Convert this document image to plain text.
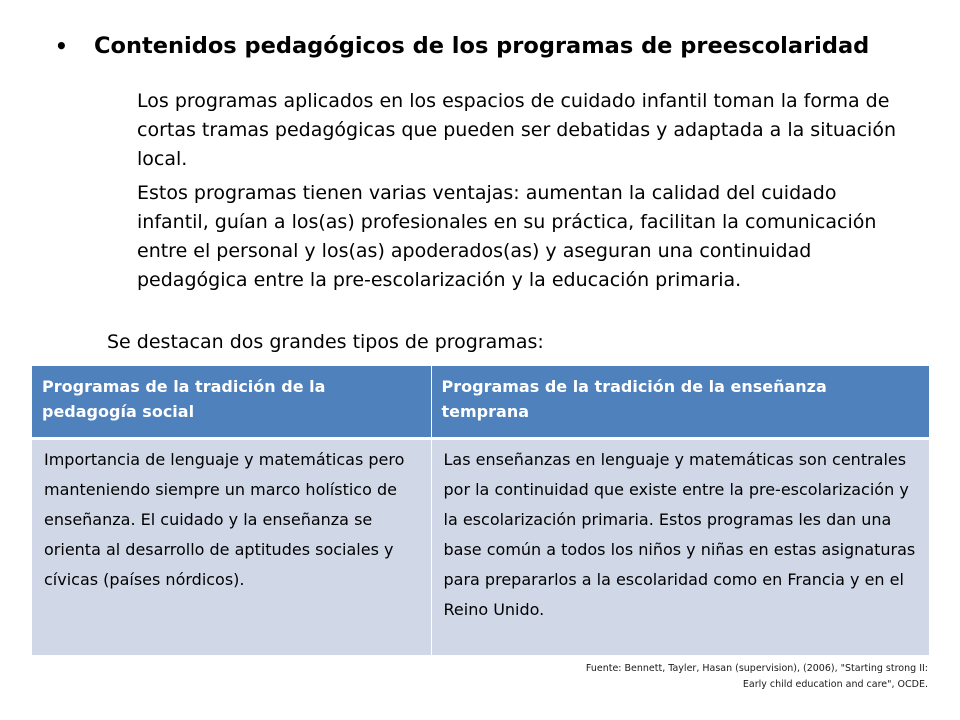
• Contenidos pedagógicos de los programas de preescolaridad

Los programas aplicados en los espacios de cuidado infantil toman la forma de cortas tramas pedagógicas que pueden ser debatidas y adaptada a la situación local.

Estos programas tienen varias ventajas: aumentan la calidad del cuidado infantil, guían a los(as) profesionales en su práctica, facilitan la comunicación entre el personal y los(as) apoderados(as) y aseguran una continuidad pedagógica entre la pre-escolarización y la educación primaria.

Se destacan dos grandes tipos de programas:
Programas de la tradición de la pedagogía social	Programas de la tradición de la enseñanza temprana
Importancia de lenguaje y matemáticas pero manteniendo siempre un marco holístico de enseñanza. El cuidado y la enseñanza se orienta al desarrollo de aptitudes sociales y cívicas (países nórdicos).	Las enseñanzas en lenguaje y matemáticas son centrales por la continuidad que existe entre la pre-escolarización y la escolarización primaria. Estos programas les dan una base común a todos los niños y niñas en estas asignaturas para prepararlos a la escolaridad como en Francia y en el Reino Unido.
Fuente: Bennett, Tayler, Hasan (supervision), (2006), "Starting strong II:
Early child education and care", OCDE.
